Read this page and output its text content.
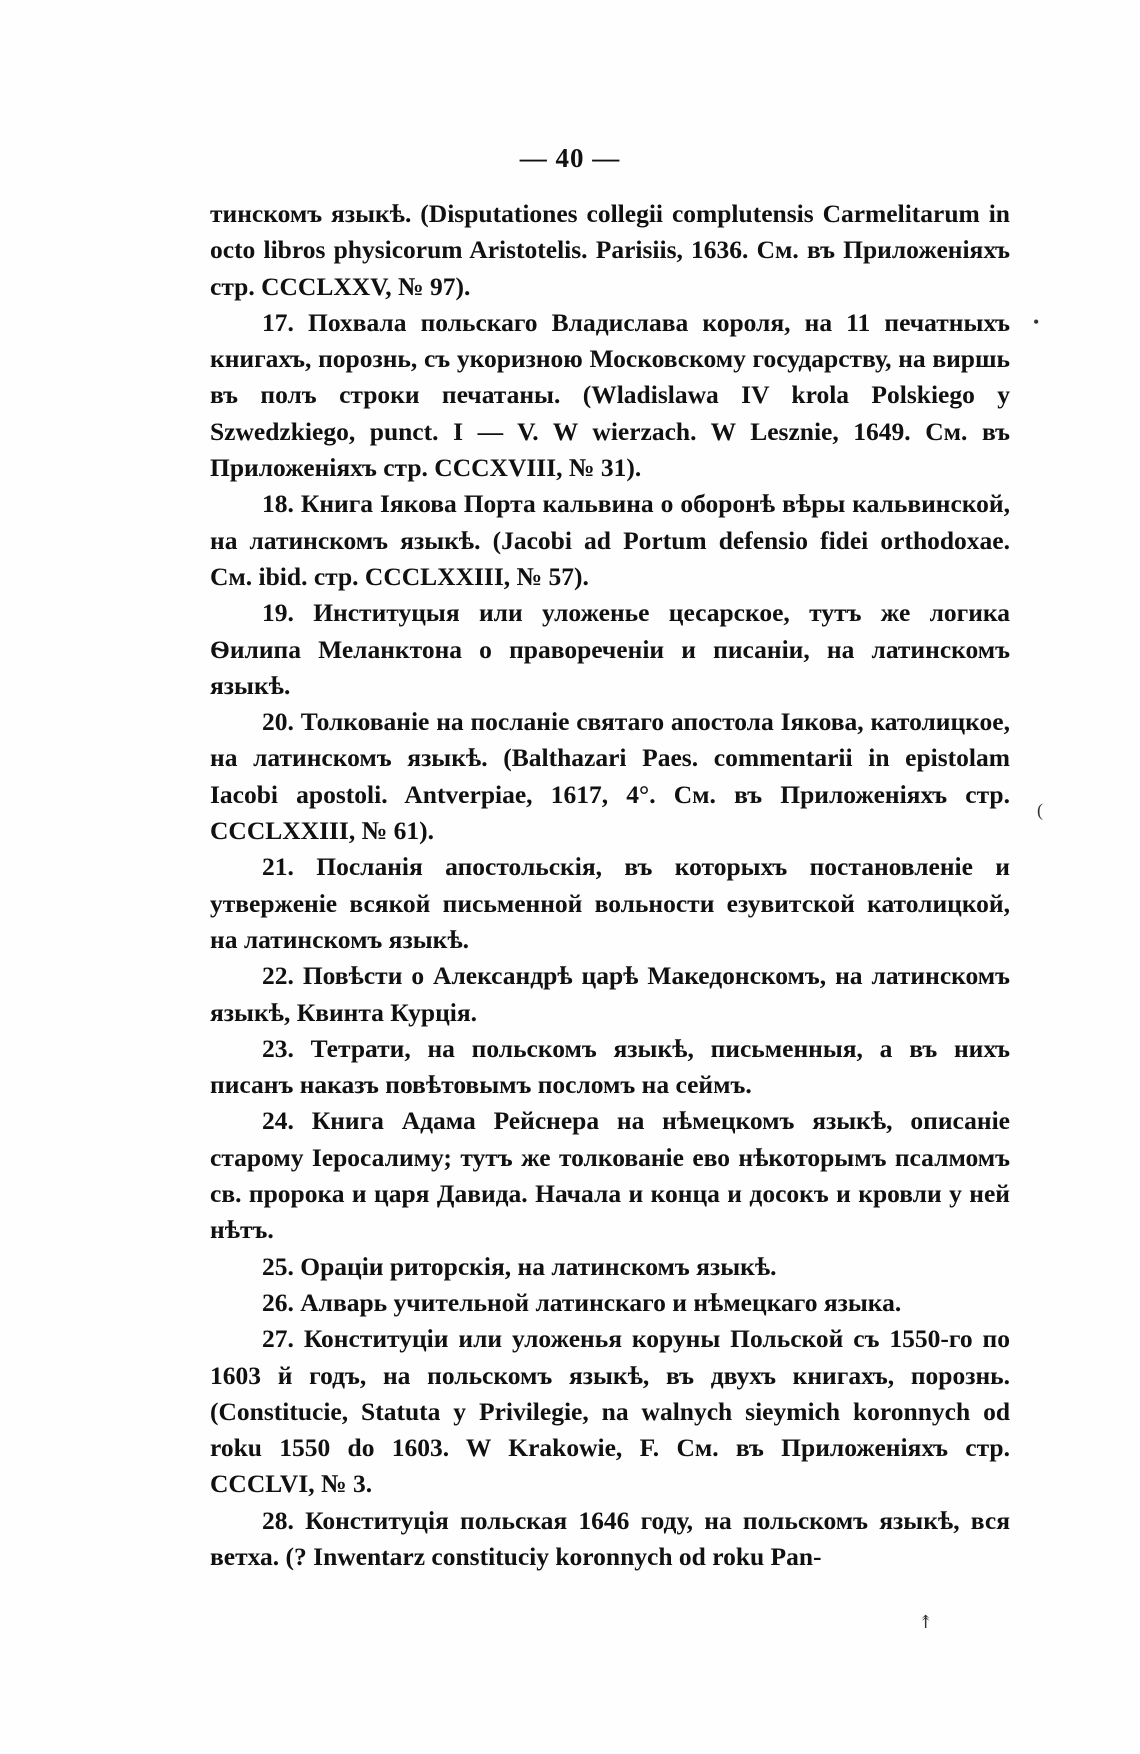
— 40 —

тинскомъ языкѣ. (Disputationes collegii complutensis Carmelitarum in octo libros physicorum Aristotelis. Parisiis, 1636. См. въ Приложеніяхъ стр. CCCLXXV, № 97).

17. Похвала польскаго Владислава короля, на 11 печатныхъ книгахъ, порознь, съ укоризною Московскому государству, на виршь въ полъ строки печатаны. (Wladislawa IV krola Polskiego y Szwedzkiego, punct. I — V. W wierzach. W Lesznie, 1649. См. въ Приложеніяхъ стр. CCCXVIII, № 31).

18. Книга Іякова Порта кальвина о оборонѣ вѣры кальвинской, на латинскомъ языкѣ. (Jacobi ad Portum defensio fidei orthodoxae. См. ibid. стр. CCCLXXIII, № 57).

19. Институцыя или уложенье цесарское, тутъ же логика Ѳилипа Меланктона о правореченіи и писаніи, на латинскомъ языкѣ.

20. Толкованіе на посланіе святаго апостола Іякова, католицкое, на латинскомъ языкѣ. (Balthazari Paes. commentarii in epistolam Iacobi apostoli. Antverpiae, 1617, 4°. См. въ Приложеніяхъ стр. CCCLXXIII, № 61).

21. Посланія апостольскія, въ которыхъ постановленіе и утверженіе всякой письменной вольности езувитской католицкой, на латинскомъ языкѣ.

22. Повѣсти о Александрѣ царѣ Македонскомъ, на латинскомъ языкѣ, Квинта Курція.

23. Тетрати, на польскомъ языкѣ, письменныя, а въ нихъ писанъ наказъ повѣтовымъ посломъ на сеймъ.

24. Книга Адама Рейснера на нѣмецкомъ языкѣ, описаніе старому Іеросалиму; тутъ же толкованіе ево нѣкоторымъ псалмомъ св. пророка и царя Давида. Начала и конца и досокъ и кровли у ней нѣтъ.

25. Ораціи риторскія, на латинскомъ языкѣ.

26. Алварь учительной латинскаго и нѣмецкаго языка.

27. Конституціи или уложенья коруны Польской съ 1550-го по 1603 й годъ, на польскомъ языкѣ, въ двухъ книгахъ, порознь. (Constitucie, Statuta y Privilegie, na walnych sieymich koronnych od roku 1550 do 1603. W Krakowie, F. См. въ Приложеніяхъ стр. CCCLVI, № 3.

28. Конституція польская 1646 году, на польскомъ языкѣ, вся ветха. (? Inwentarz constituciy koronnych od roku Pan-

•
(
↟
